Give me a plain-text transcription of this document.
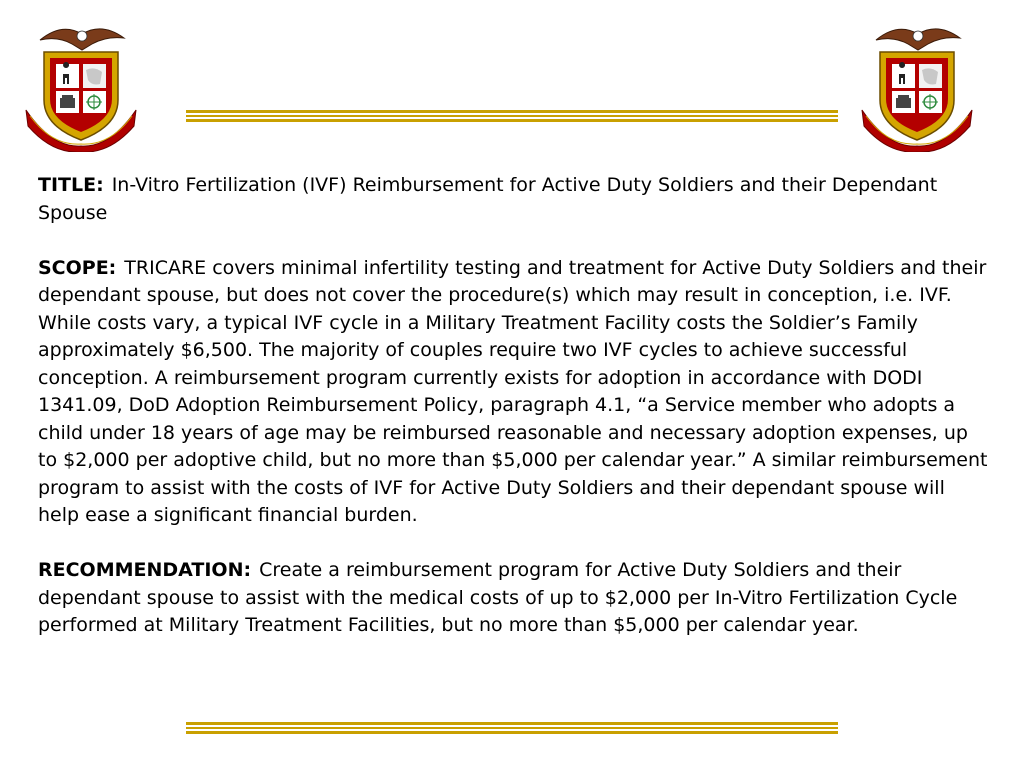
TITLE: In-Vitro Fertilization (IVF) Reimbursement for Active Duty Soldiers and their Dependant Spouse

SCOPE: TRICARE covers minimal infertility testing and treatment for Active Duty Soldiers and their dependant spouse, but does not cover the procedure(s) which may result in conception, i.e. IVF. While costs vary, a typical IVF cycle in a Military Treatment Facility costs the Soldier’s Family approximately $6,500. The majority of couples require two IVF cycles to achieve successful conception. A reimbursement program currently exists for adoption in accordance with DODI 1341.09, DoD Adoption Reimbursement Policy, paragraph 4.1, “a Service member who adopts a child under 18 years of age may be reimbursed reasonable and necessary adoption expenses, up to $2,000 per adoptive child, but no more than $5,000 per calendar year.” A similar reimbursement program to assist with the costs of IVF for Active Duty Soldiers and their dependant spouse will help ease a significant financial burden.

RECOMMENDATION: Create a reimbursement program for Active Duty Soldiers and their dependant spouse to assist with the medical costs of up to $2,000 per In-Vitro Fertilization Cycle performed at Military Treatment Facilities, but no more than $5,000 per calendar year.
